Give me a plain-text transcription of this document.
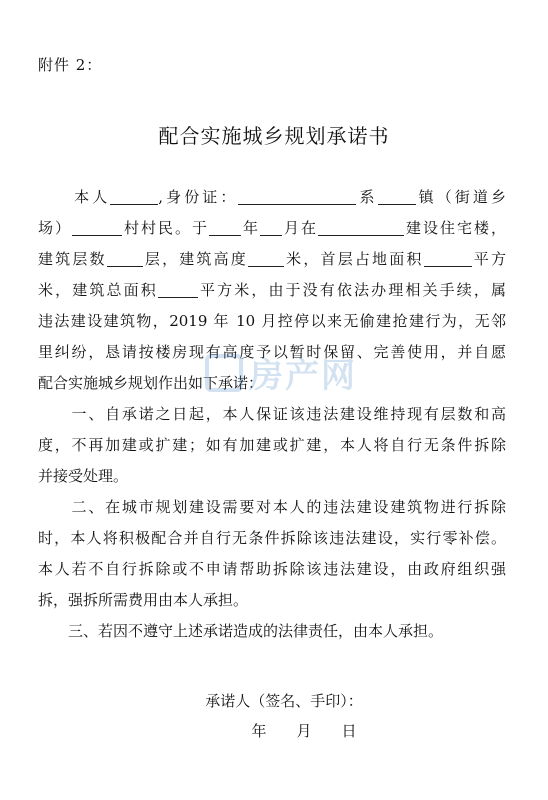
附件 2：
配合实施城乡规划承诺书
　　本人	,身份证：	系	镇（街道乡
场）	村村民。于 年 月在	建设住宅楼，
建筑层数 层，建筑高度 米，首层占地面积	平方
米，建筑总面积	平方米，由于没有依法办理相关手续，属
违法建设建筑物，2019 年 10 月控停以来无偷建抢建行为，无邻
里纠纷，恳请按楼房现有高度予以暂时保留、完善使用，并自愿
配合实施城乡规划作出如下承诺：
　　一、自承诺之日起，本人保证该违法建设维持现有层数和高
度，不再加建或扩建；如有加建或扩建，本人将自行无条件拆除
并接受处理。
　　二、在城市规划建设需要对本人的违法建设建筑物进行拆除
时，本人将积极配合并自行无条件拆除该违法建设，实行零补偿。
本人若不自行拆除或不申请帮助拆除该违法建设，由政府组织强
拆，强拆所需费用由本人承担。
　　三、若因不遵守上述承诺造成的法律责任，由本人承担。
承诺人（签名、手印）：
年　　月　　日
房产网
